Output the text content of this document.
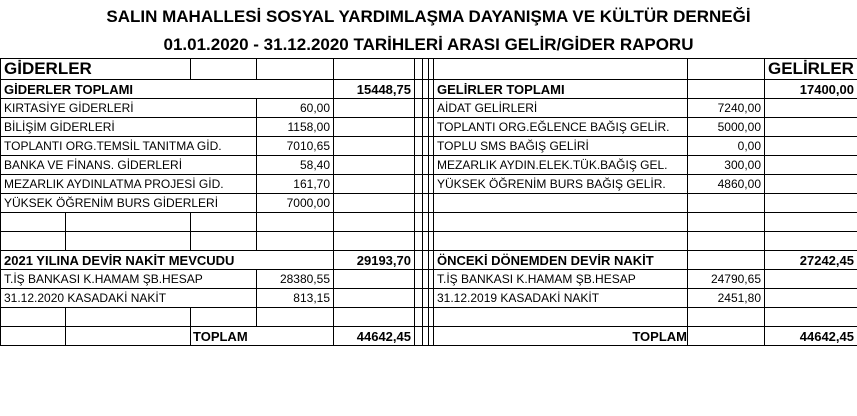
SALIN MAHALLESİ SOSYAL YARDIMLAŞMA DAYANIŞMA VE KÜLTÜR DERNEĞİ
01.01.2020 - 31.12.2020 TARİHLERİ ARASI GELİR/GİDER RAPORU
GİDERLER										GELİRLER
GİDERLER TOPLAMI				15448,75				GELİRLER TOPLAMI		17400,00
KIRTASİYE GİDERLERİ			60,00					AİDAT GELİRLERİ	7240,00	
BİLİŞİM GİDERLERİ			1158,00					TOPLANTI ORG.EĞLENCE BAĞIŞ GELİR.	5000,00	
TOPLANTI ORG.TEMSİL TANITMA GİD.			7010,65					TOPLU SMS BAĞIŞ GELİRİ	0,00	
BANKA VE FİNANS. GİDERLERİ			58,40					MEZARLIK AYDIN.ELEK.TÜK.BAĞIŞ GEL.	300,00	
MEZARLIK AYDINLATMA PROJESİ GİD.			161,70					YÜKSEK ÖĞRENİM BURS BAĞIŞ GELİR.	4860,00	
YÜKSEK ÖĞRENİM BURS GİDERLERİ			7000,00							

2021 YILINA DEVİR NAKİT MEVCUDU				29193,70				ÖNCEKİ DÖNEMDEN DEVİR NAKİT		27242,45
T.İŞ BANKASI K.HAMAM ŞB.HESAP			28380,55					T.İŞ BANKASI K.HAMAM ŞB.HESAP	24790,65	
31.12.2020 KASADAKİ NAKİT			813,15					31.12.2019 KASADAKİ NAKİT	2451,80	

		TOPLAM		44642,45				TOPLAM		44642,45
